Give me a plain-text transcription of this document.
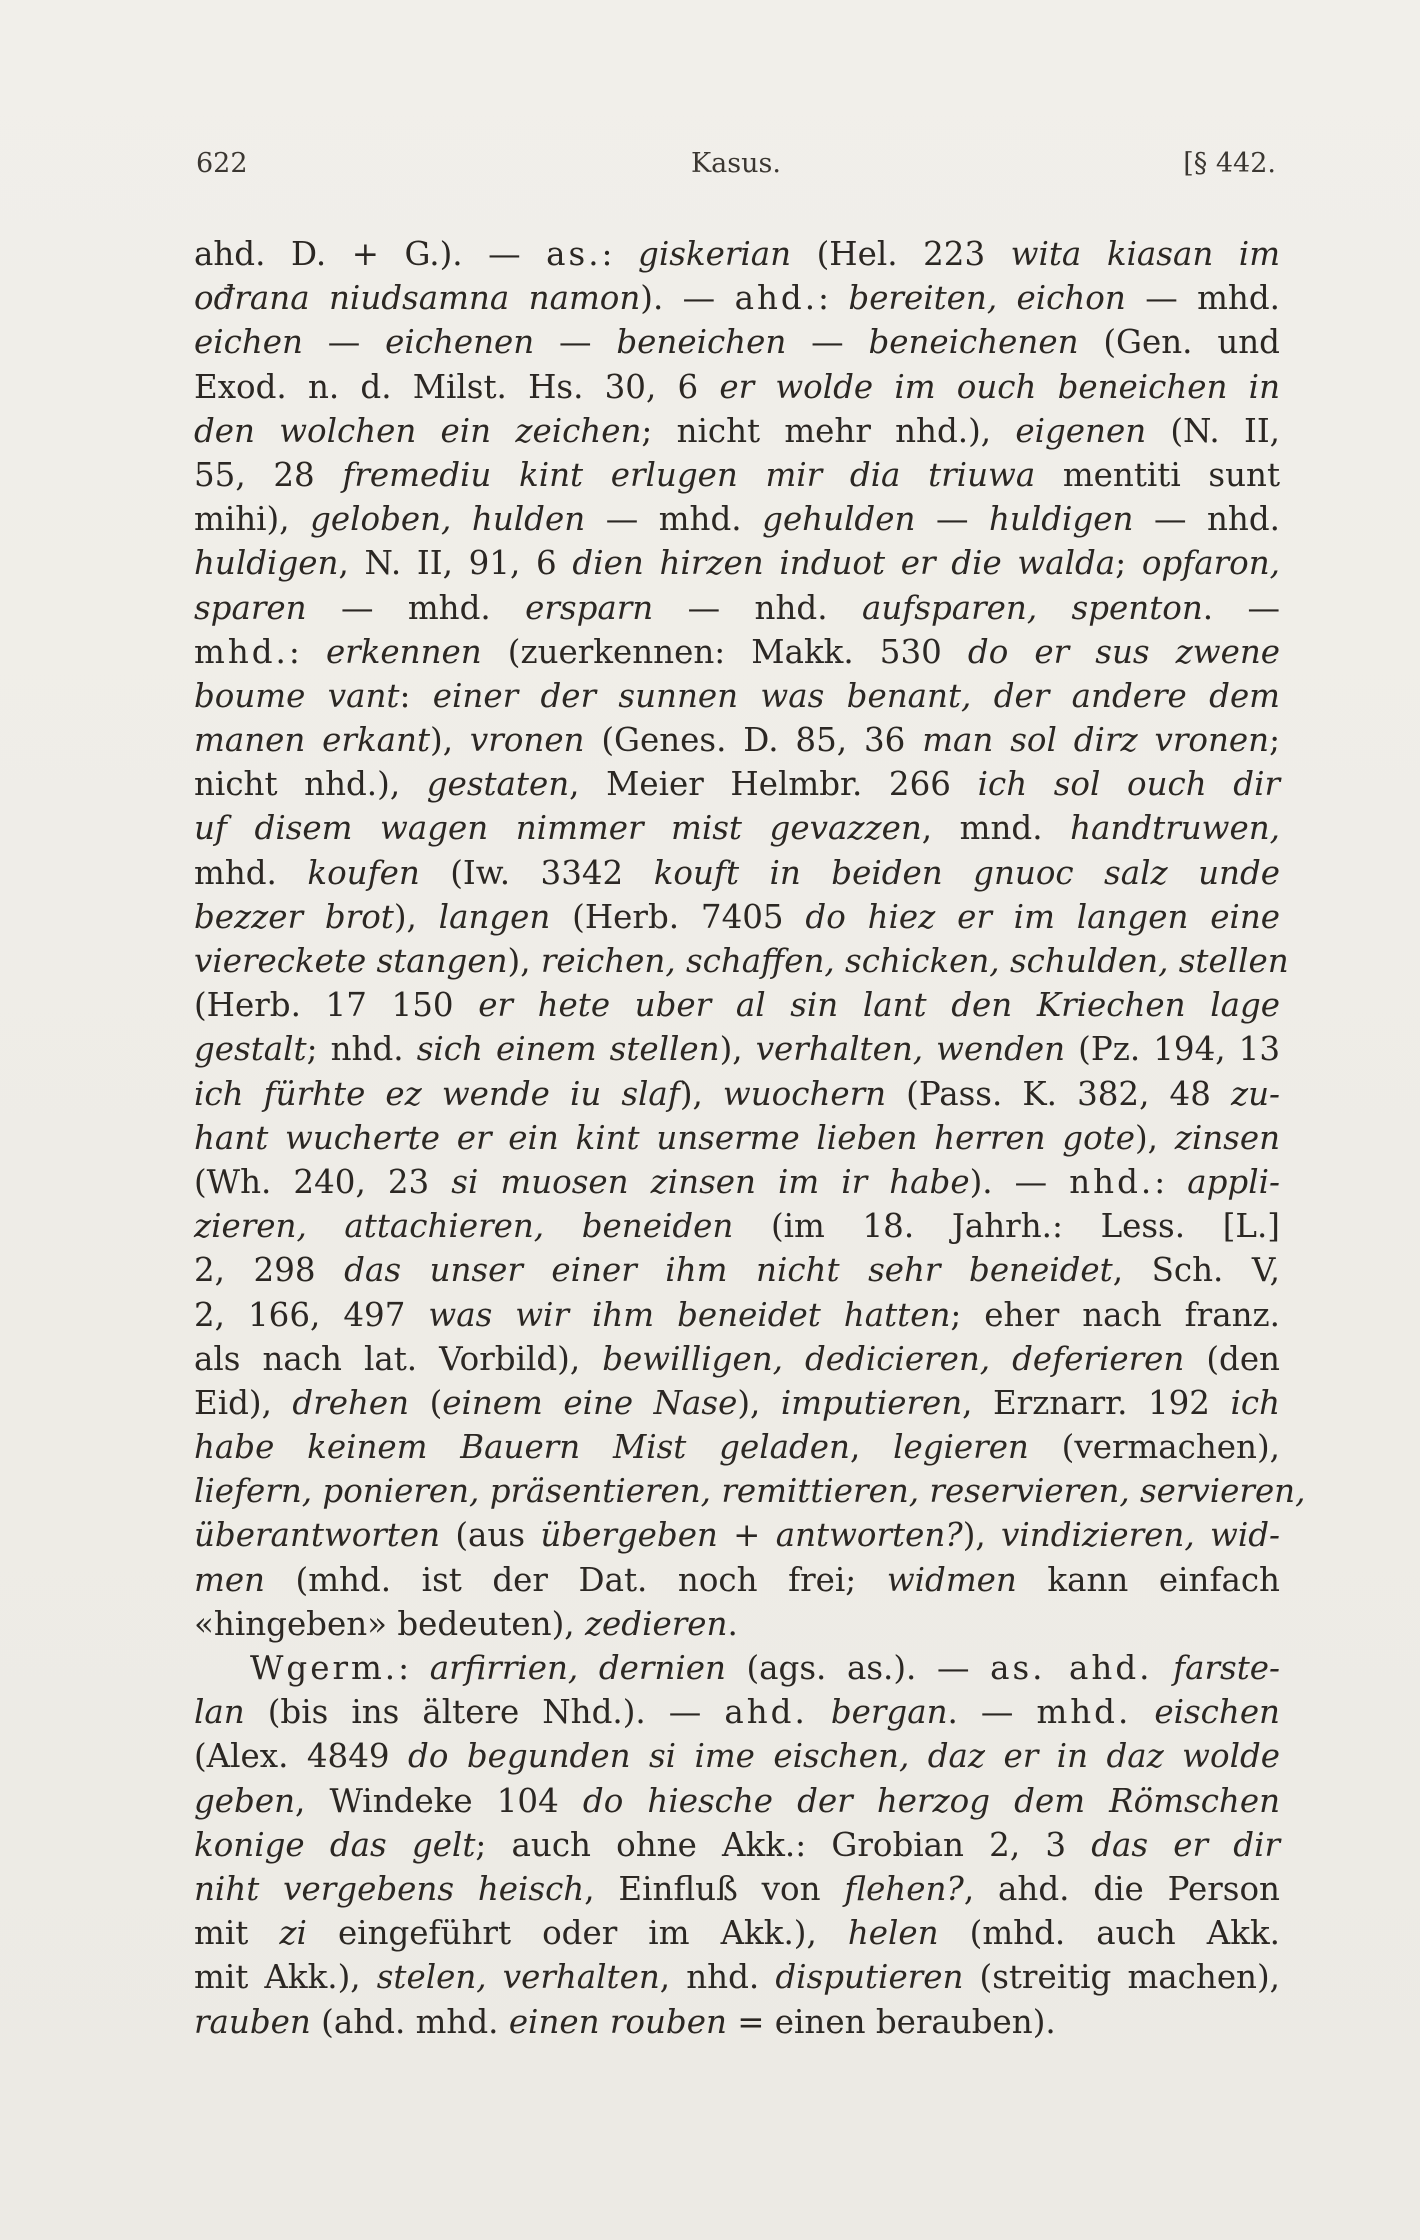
622	Kasus.	[§ 442.
ahd. D. + G.). — as.: giskerian (Hel. 223 wita kiasan im
ođrana niudsamna namon). — ahd.: bereiten, eichon — mhd.
eichen — eichenen — beneichen — beneichenen (Gen. und
Exod. n. d. Milst. Hs. 30, 6 er wolde im ouch beneichen in
den wolchen ein zeichen; nicht mehr nhd.), eigenen (N. II,
55, 28 fremediu kint erlugen mir dia triuwa mentiti sunt
mihi), geloben, hulden — mhd. gehulden — huldigen — nhd.
huldigen, N. II, 91, 6 dien hirzen induot er die walda; opfaron,
sparen — mhd. ersparn — nhd. aufsparen, spenton. —
mhd.: erkennen (zuerkennen: Makk. 530 do er sus zwene
boume vant: einer der sunnen was benant, der andere dem
manen erkant), vronen (Genes. D. 85, 36 man sol dirz vronen;
nicht nhd.), gestaten, Meier Helmbr. 266 ich sol ouch dir
uf disem wagen nimmer mist gevazzen, mnd. handtruwen,
mhd. koufen (Iw. 3342 kouft in beiden gnuoc salz unde
bezzer brot), langen (Herb. 7405 do hiez er im langen eine
viereckete stangen), reichen, schaffen, schicken, schulden, stellen
(Herb. 17 150 er hete uber al sin lant den Kriechen lage
gestalt; nhd. sich einem stellen), verhalten, wenden (Pz. 194, 13
ich fürhte ez wende iu slaf), wuochern (Pass. K. 382, 48 zu-
hant wucherte er ein kint unserme lieben herren gote), zinsen
(Wh. 240, 23 si muosen zinsen im ir habe). — nhd.: appli-
zieren, attachieren, beneiden (im 18. Jahrh.: Less. [L.]
2, 298 das unser einer ihm nicht sehr beneidet, Sch. V,
2, 166, 497 was wir ihm beneidet hatten; eher nach franz.
als nach lat. Vorbild), bewilligen, dedicieren, deferieren (den
Eid), drehen (einem eine Nase), imputieren, Erznarr. 192 ich
habe keinem Bauern Mist geladen, legieren (vermachen),
liefern, ponieren, präsentieren, remittieren, reservieren, servieren,
überantworten (aus übergeben + antworten?), vindizieren, wid-
men (mhd. ist der Dat. noch frei; widmen kann einfach
«hingeben» bedeuten), zedieren.
Wgerm.: arfirrien, dernien (ags. as.). — as. ahd. farste-
lan (bis ins ältere Nhd.). — ahd. bergan. — mhd. eischen
(Alex. 4849 do begunden si ime eischen, daz er in daz wolde
geben, Windeke 104 do hiesche der herzog dem Römschen
konige das gelt; auch ohne Akk.: Grobian 2, 3 das er dir
niht vergebens heisch, Einfluß von flehen?, ahd. die Person
mit zi eingeführt oder im Akk.), helen (mhd. auch Akk.
mit Akk.), stelen, verhalten, nhd. disputieren (streitig machen),
rauben (ahd. mhd. einen rouben = einen berauben).
